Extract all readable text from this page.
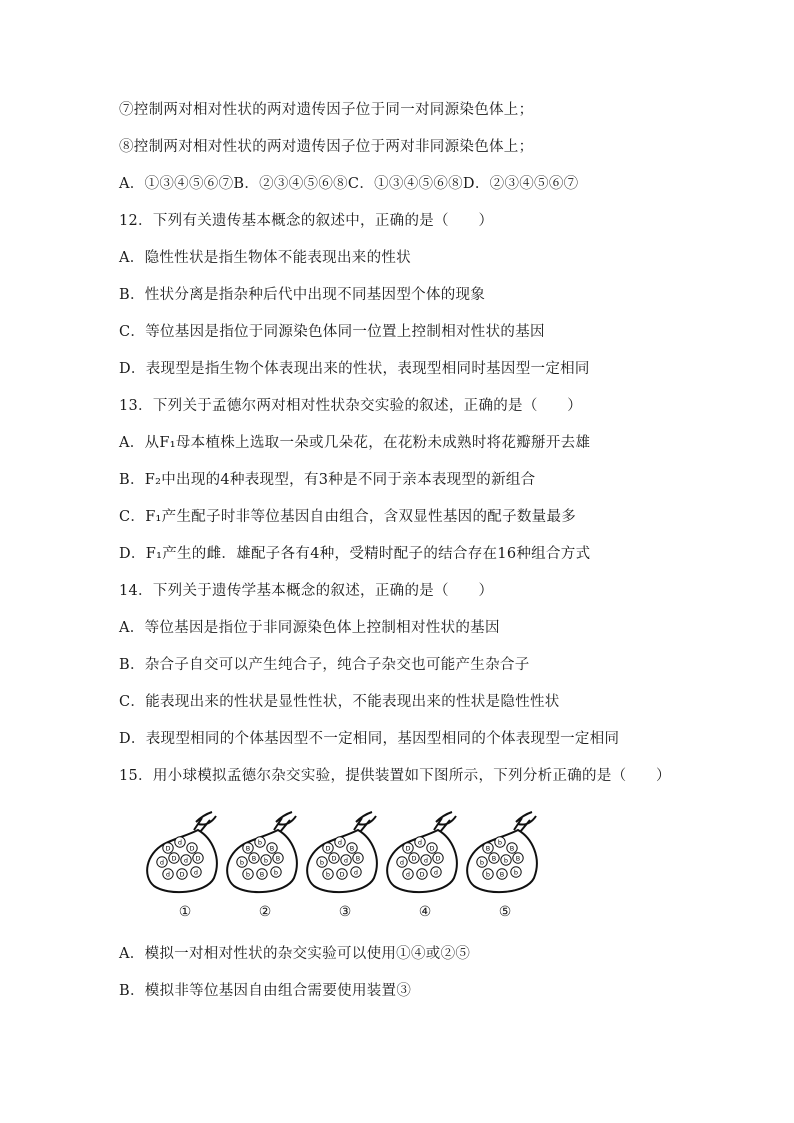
⑦控制两对相对性状的两对遗传因子位于同一对同源染色体上；
⑧控制两对相对性状的两对遗传因子位于两对非同源染色体上；
A．①③④⑤⑥⑦B．②③④⑤⑥⑧C．①③④⑤⑥⑧D．②③④⑤⑥⑦
12．下列有关遗传基本概念的叙述中，正确的是（　　）
A．隐性性状是指生物体不能表现出来的性状
B．性状分离是指杂种后代中出现不同基因型个体的现象
C．等位基因是指位于同源染色体同一位置上控制相对性状的基因
D．表现型是指生物个体表现出来的性状，表现型相同时基因型一定相同
13．下列关于孟德尔两对相对性状杂交实验的叙述，正确的是（　　）
A．从F₁母本植株上选取一朵或几朵花，在花粉未成熟时将花瓣掰开去雄
B．F₂中出现的4种表现型，有3种是不同于亲本表现型的新组合
C．F₁产生配子时非等位基因自由组合，含双显性基因的配子数量最多
D．F₁产生的雌．雄配子各有4种，受精时配子的结合存在16种组合方式
14．下列关于遗传学基本概念的叙述，正确的是（　　）
A．等位基因是指位于非同源染色体上控制相对性状的基因
B．杂合子自交可以产生纯合子，纯合子杂交也可能产生杂合子
C．能表现出来的性状是显性性状，不能表现出来的性状是隐性性状
D．表现型相同的个体基因型不一定相同，基因型相同的个体表现型一定相同
15．用小球模拟孟德尔杂交实验，提供装置如下图所示，下列分析正确的是（　　）
A．模拟一对相对性状的杂交实验可以使用①④或②⑤
B．模拟非等位基因自由组合需要使用装置③
D
d
D
d D d D
d D d
①
B
b
B
b B b B
b B b
②
D
d
B
b D d B
b D d
③
D
d
D
d D d D
d D d
④
B
b
B
b B b B
b B b
⑤
